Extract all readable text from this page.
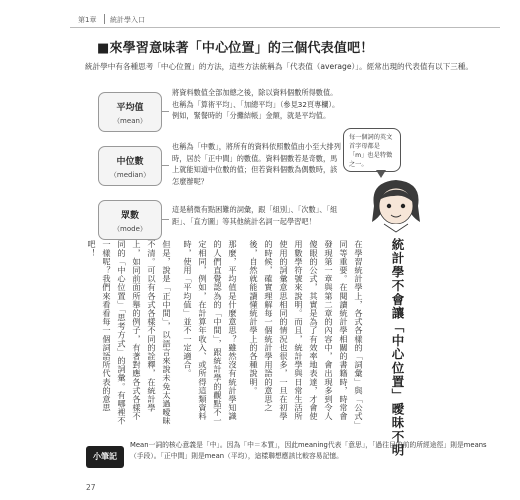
第1章 統計學入口
■來學習意味著「中心位置」的三個代表值吧！
統計學中有各種思考「中心位置」的方法，這些方法統稱為「代表值（average）」。經常出現的代表值有以下三種。
平均值
（mean）
將資料數值全部加總之後，除以資料個數所得數值。也稱為「算術平均」、「加總平均」（參見32頁專欄）。例如，緊餐時的「分攤結帳」金額，就是平均值。
中位數
（median）
也稱為「中數」，將所有的資料依照數值由小至大排列時，居於「正中間」的數值。資料個數若是奇數，馬上就能知道中位數的值；但若資料個數為偶數時，該怎麼辦呢？
眾數
（mode）
這是稍微有點困難的詞彙，跟「組別」、「次數」、「組距」、「直方圖」等其他統計名詞一起學習吧！
每一個詞的英文首字母都是「m」也是特徵之一。
統計學不會讓「中心位置」曖昧不明

在學習統計學上，各式各樣的「詞彙」與「公式」同等重要。在閱讀統計學相關的書籍時，時常會發現第一章與第二章的內容中，會出現多到令人傻眼的公式，其實是為了有效率地表達，才會使用數學符號來說明。而且，統計學與日常生活所使用的詞彙意思相同的情況也很多，一旦在初學的時候，確實理解每一個統計學用語的意思之後，自然就能讀懂統計學上的各種說明。

那麼，平均值是什麼意思？雖然沒有統計學知識的人們直覺認為的「中間」，跟統計學的觀點不一定相同，例如，在計算年收入、或所得這類資料時，使用「平均值」並不一定適合。

但是，說是「正中間」，以語言來說未免太過曖昧不清。可以有各式各樣不同的詮釋，在統計學上，如同前面所舉的例子，有著對應各式各樣不同的「中心位置」「思考方式」的詞彙。有哪裡不一樣呢？我們來看看每一個詞語所代表的意思吧！

小筆記
Mean一詞的核心意義是「中」。因為「中＝本質」，因此meaning代表「意思」，「過往目的前的所經途徑」則是means（手段）。「正中間」則是mean（平均），這樣聯想應該比較容易記憶。
27
